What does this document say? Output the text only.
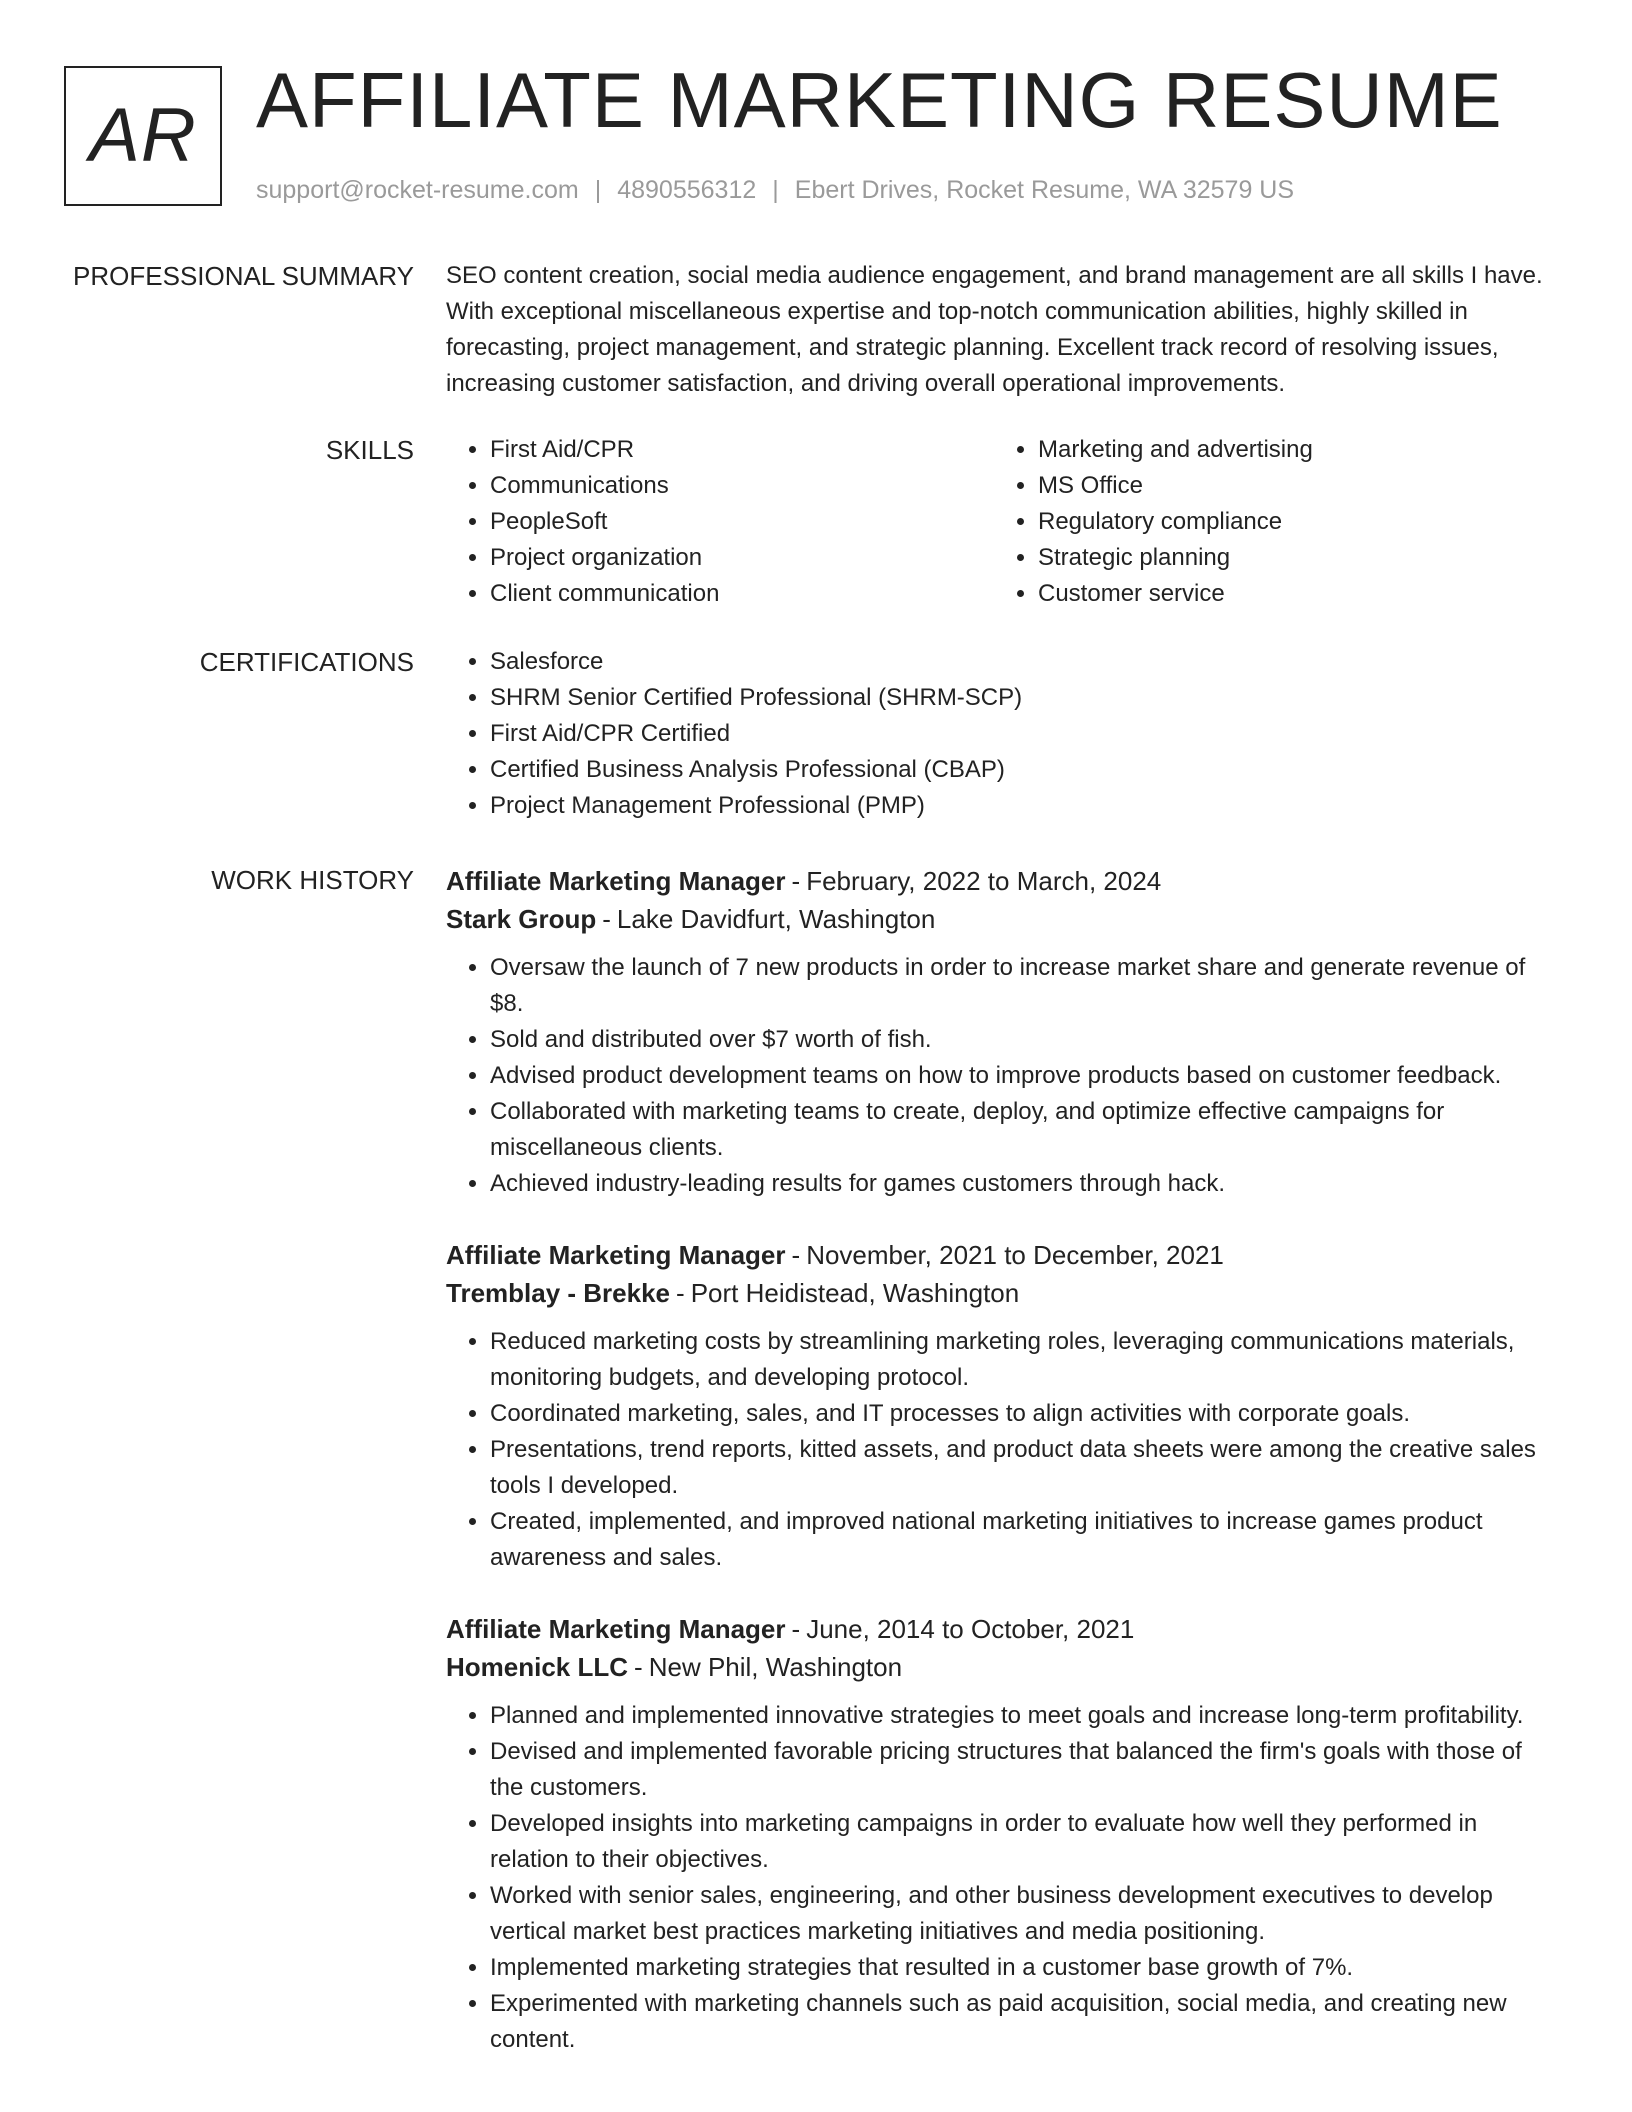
AR AFFILIATE MARKETING RESUME
support@rocket-resume.com | 4890556312 | Ebert Drives, Rocket Resume, WA 32579 US
PROFESSIONAL SUMMARY SEO content creation, social media audience engagement, and brand management are all skills I have. With exceptional miscellaneous expertise and top-notch communication abilities, highly skilled in forecasting, project management, and strategic planning. Excellent track record of resolving issues, increasing customer satisfaction, and driving overall operational improvements.

SKILLS	• First Aid/CPR
• Communications
• PeopleSoft
• Project organization
• Client communication
• Marketing and advertising
• MS Office
• Regulatory compliance
• Strategic planning
• Customer service
CERTIFICATIONS	• Salesforce
• SHRM Senior Certified Professional (SHRM-SCP)
• First Aid/CPR Certified
• Certified Business Analysis Professional (CBAP)
• Project Management Professional (PMP)
WORK HISTORY Affiliate Marketing Manager - February, 2022 to March, 2024
Stark Group - Lake Davidfurt, Washington
• Oversaw the launch of 7 new products in order to increase market share and generate revenue of $8.
• Sold and distributed over $7 worth of fish.
• Advised product development teams on how to improve products based on customer feedback.
• Collaborated with marketing teams to create, deploy, and optimize effective campaigns for miscellaneous clients.
• Achieved industry-leading results for games customers through hack.
Affiliate Marketing Manager - November, 2021 to December, 2021
Tremblay - Brekke - Port Heidistead, Washington
• Reduced marketing costs by streamlining marketing roles, leveraging communications materials, monitoring budgets, and developing protocol.
• Coordinated marketing, sales, and IT processes to align activities with corporate goals.
• Presentations, trend reports, kitted assets, and product data sheets were among the creative sales tools I developed.
• Created, implemented, and improved national marketing initiatives to increase games product awareness and sales.
Affiliate Marketing Manager - June, 2014 to October, 2021
Homenick LLC - New Phil, Washington
• Planned and implemented innovative strategies to meet goals and increase long-term profitability.
• Devised and implemented favorable pricing structures that balanced the firm's goals with those of the customers.
• Developed insights into marketing campaigns in order to evaluate how well they performed in relation to their objectives.
• Worked with senior sales, engineering, and other business development executives to develop vertical market best practices marketing initiatives and media positioning.
• Implemented marketing strategies that resulted in a customer base growth of 7%.
• Experimented with marketing channels such as paid acquisition, social media, and creating new content.
